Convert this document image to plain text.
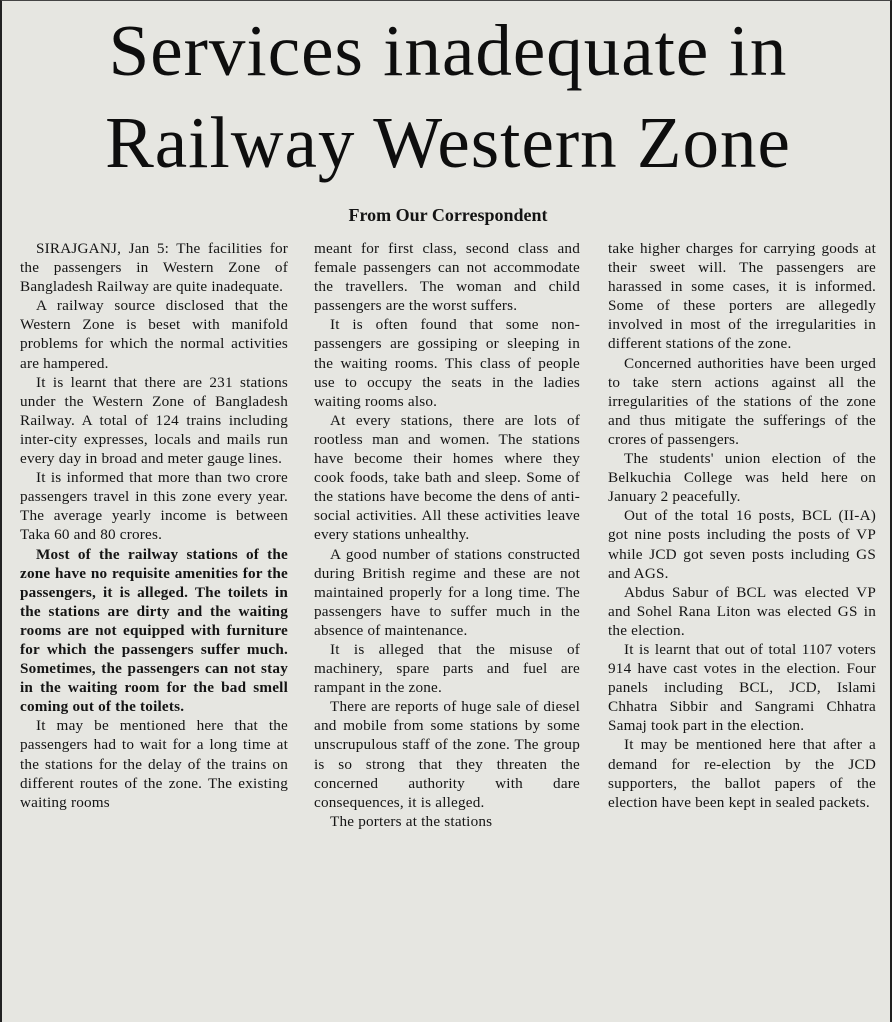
Services inadequate in
Railway Western Zone

From Our Correspondent

SIRAJGANJ, Jan 5: The facilities for the passengers in Western Zone of Bangladesh Railway are quite inadequate.

A railway source disclosed that the Western Zone is beset with manifold problems for which the normal activities are hampered.

It is learnt that there are 231 stations under the Western Zone of Bangladesh Railway. A total of 124 trains including inter-city expresses, locals and mails run every day in broad and meter gauge lines.

It is informed that more than two crore passengers travel in this zone every year. The average yearly income is between Taka 60 and 80 crores.

Most of the railway stations of the zone have no requisite amenities for the passengers, it is alleged. The toilets in the stations are dirty and the waiting rooms are not equipped with furniture for which the passengers suffer much. Sometimes, the passengers can not stay in the waiting room for the bad smell coming out of the toilets.

It may be mentioned here that the passengers had to wait for a long time at the stations for the delay of the trains on different routes of the zone. The existing waiting rooms

meant for first class, second class and female passengers can not accommodate the travellers. The woman and child passengers are the worst suffers.

It is often found that some non-passengers are gossiping or sleeping in the waiting rooms. This class of people use to occupy the seats in the ladies waiting rooms also.

At every stations, there are lots of rootless man and women. The stations have become their homes where they cook foods, take bath and sleep. Some of the stations have become the dens of anti-social activities. All these activities leave every stations unhealthy.

A good number of stations constructed during British regime and these are not maintained properly for a long time. The passengers have to suffer much in the absence of maintenance.

It is alleged that the misuse of machinery, spare parts and fuel are rampant in the zone.

There are reports of huge sale of diesel and mobile from some stations by some unscrupulous staff of the zone. The group is so strong that they threaten the concerned authority with dare consequences, it is alleged.

The porters at the stations

take higher charges for carrying goods at their sweet will. The passengers are harassed in some cases, it is informed. Some of these porters are allegedly involved in most of the irregularities in different stations of the zone.

Concerned authorities have been urged to take stern actions against all the irregularities of the stations of the zone and thus mitigate the sufferings of the crores of passengers.

The students' union election of the Belkuchia College was held here on January 2 peacefully.

Out of the total 16 posts, BCL (II-A) got nine posts including the posts of VP while JCD got seven posts including GS and AGS.

Abdus Sabur of BCL was elected VP and Sohel Rana Liton was elected GS in the election.

It is learnt that out of total 1107 voters 914 have cast votes in the election. Four panels including BCL, JCD, Islami Chhatra Sibbir and Sangrami Chhatra Samaj took part in the election.

It may be mentioned here that after a demand for re-election by the JCD supporters, the ballot papers of the election have been kept in sealed packets.
